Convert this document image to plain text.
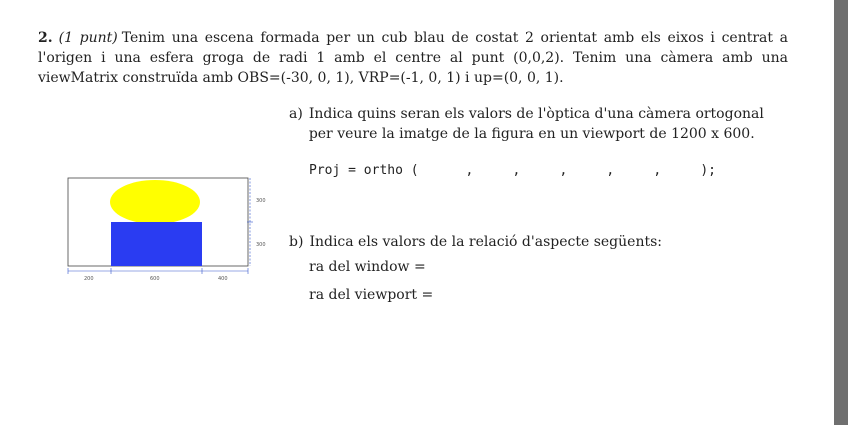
2. (1 punt) Tenim una escena formada per un cub blau de costat 2 orientat amb els eixos i centrat a l'origen i una esfera groga de radi 1 amb el centre al punt (0,0,2). Tenim una càmera amb una viewMatrix construïda amb OBS=(-30, 0, 1), VRP=(-1, 0, 1) i up=(0, 0, 1).

a) Indica quins seran els valors de l'òptica d'una càmera ortogonal per veure la imatge de la figura en un viewport de 1200 x 600.
Proj = ortho (      ,     ,     ,     ,     ,     );
b) Indica els valors de la relació d'aspecte següents:
ra del window =
ra del viewport =
300
300
200	600	400
